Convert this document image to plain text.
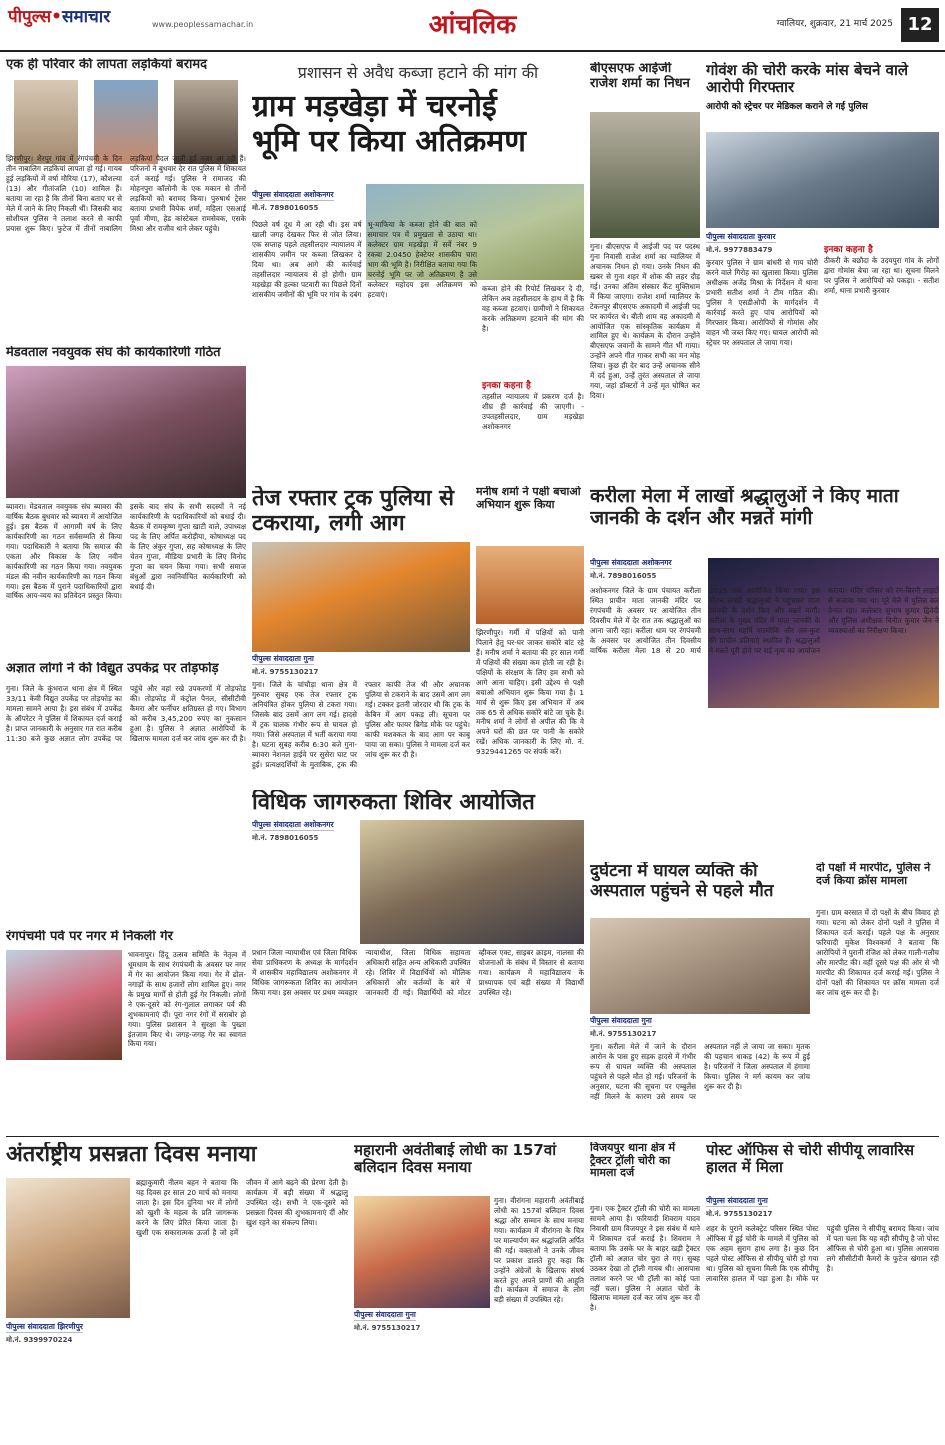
पीपुल्स•समाचार	www.peoplessamachar.in	आंचलिक	ग्वालियर, शुक्रवार, 21 मार्च 2025 12
एक ही परिवार की लापता लड़कियां बरामद
झिरणीपुर। शैरपुर गांव में रंगपंचमी के दिन तीन नाबालिग लड़कियां लापता हो गई। गायब हुई लड़कियों में वर्षा मौरिया (17), कौशल्या (13) और गीतांजलि (10) शामिल हैं। बताया जा रहा है कि तीनों बिना बताए घर से मेले में जाने के लिए निकली थीं। जिसकी बाद सोशीयल पुलिस ने तलाश करने से काफी प्रयास शुरू किए। फुटेज में तीनों नाबालिग लड़कियां पैदल जाती हुई नजर आ रही हैं। परिजनों ने बुधवार देर रात पुलिस में शिकायत दर्ज कराई गई। पुलिस ने रामाजद की मोहनपुरा कॉलोनी के एक मकान से तीनों लड़कियों को बरामद किया। पुरुषार्थ ट्रेसर बताया प्रभारी वियेक शर्मा, महिला एसआई पूर्वा मीणा, हेड कांस्टेबल रामसेवक, एसके मिश्रा और राजीव थाने लेकर पहुंचे।
मेडवताल नवयुवक संघ की कार्यकारिणी गठित
ब्यावरा। मेडवताल नवयुवक संघ ब्यावरा की वार्षिक बैठक बुधवार को ब्यावरा में आयोजित हुई। इस बैठक में आगामी वर्ष के लिए कार्यकारिणी का गठन सर्वसम्मति से किया गया। पदाधिकारी ने बताया कि समाज की एकता और विकास के लिए नवीन कार्यकारिणी का गठन किया गया। नवयुवक मंडल की नवीन कार्यकारिणी का गठन किया गया। इस बैठक में पुराने पदाधिकारियों द्वारा वार्षिक आय-व्यय का प्रतिवेदन प्रस्तुत किया। इसके बाद संघ के सभी सदस्यों ने नई कार्यकारिणी के पदाधिकारियों को बधाई दी। बैठक में रामकृष्ण गुप्ता खाटी वाले, उपाध्यक्ष पद के लिए अर्पित करोड़ीया, कोषाध्यक्ष पद के लिए अंकुर गुप्ता, सह कोषाध्यक्ष के लिए चेतन गुप्ता, मीडिया प्रभारी के लिए विनोद गुप्ता का चयन किया गया। सभी समाज बंधुओं द्वारा नवनिर्वाचित कार्यकारिणी को बधाई दी।
अज्ञात लोगों ने की विद्युत उपकेंद्र पर तोड़फोड़
गुना। जिले के कुंभराज थाना क्षेत्र में स्थित 33/11 केवी विद्युत उपकेंद्र पर तोड़फोड़ का मामला सामने आया है। इस संबंध में उपकेंद्र के ऑपरेटर ने पुलिस में शिकायत दर्ज कराई है। प्राप्त जानकारी के अनुसार गत रात करीब 11:30 बजे कुछ अज्ञात लोग उपकेंद्र पर पहुंचे और वहां रखे उपकरणों में तोड़फोड़ की। तोड़फोड़ में कंट्रोल पैनल, सीसीटीवी कैमरा और फर्नीचर क्षतिग्रस्त हो गए। विभाग को करीब 3,45,200 रुपए का नुकसान हुआ है। पुलिस ने अज्ञात आरोपियों के खिलाफ मामला दर्ज कर जांच शुरू कर दी है।
रंगपंचमी पर्व पर नगर में निकली गेर
भावनापुर। हिंदू उत्सव समिति के नेतृत्व में धूमधाम के साथ रंगपंचमी के अवसर पर नगर में गेर का आयोजन किया गया। गेर में ढोल-नगाड़ों के साथ हजारों लोग शामिल हुए। नगर के प्रमुख मार्गों से होती हुई गेर निकली। लोगों ने एक-दूसरे को रंग-गुलाल लगाकर पर्व की शुभकामनाएं दीं। पूरा नगर रंगों में सराबोर हो गया। पुलिस प्रशासन ने सुरक्षा के पुख्ता इंतजाम किए थे। जगह-जगह गेर का स्वागत किया गया।
प्रशासन से अवैध कब्जा हटाने की मांग की
ग्राम मड़खेड़ा में चरनोई
भूमि पर किया अतिक्रमण
पीपुल्स संवाददाता अशोकनगर
मो.नं. 7898016055
पिछले वर्ष दूध में आ रही थी। इस वर्ष खाली जगह देखकर फिर से जोत लिया। एक सप्ताह पहले तहसीलदार न्यायालय में शासकीय जमीन पर कब्जा लिखकर दे दिया था। अब आगे की कार्रवाई तहसीलदार न्यायालय से हो होगी। ग्राम मड़खेड़ा की हल्का पटवारी का पिछले दिनों शासकीय जमीनों की भूमि पर गांव के दबंग भू-माफिया के कब्जा होने की बात को समाचार पत्र में प्रमुखता से उठाया था। कलेक्टर ग्राम मड़खेड़ा में सर्वे नंबर 9 रकबा 2.0450 हेक्टेयर शासकीय चारा भाग की भूमि है। निरीक्षित बताया गया कि चरनोई भूमि पर जो अतिक्रमण है उसे कलेक्टर महोदय इस अतिक्रमण को हटवाएं।
कब्जा होने की रिपोर्ट लिखकर दे दी, लेकिन अब तहसीलदार के हाथ में है कि वह कब्जा हटवाए। ग्रामीणों ने शिकायत करके अतिक्रमण हटवाने की मांग की है।
इनका कहना है
तहसील न्यायालय में प्रकरण दर्ज है। शीघ्र ही कार्रवाई की जाएगी। - उपतहसीलदार, ग्राम मड़खेड़ा अशोकनगर
बीएसएफ आईजी राजेश शर्मा का निधन
गुना। बीएसएफ में आईजी पद पर पदस्थ गुना निवासी राजेश शर्मा का ग्वालियर में अचानक निधन हो गया। उनके निधन की खबर से गुना शहर में शोक की लहर दौड़ गई। उनका अंतिम संस्कार कैंट मुक्तिधाम में किया जाएगा। राजेश शर्मा ग्वालियर के टेकनपुर बीएसएफ अकादमी में आईजी पद पर कार्यरत थे। बीती शाम वह अकादमी में आयोजित एक सांस्कृतिक कार्यक्रम में शामिल हुए थे। कार्यक्रम के दौरान उन्होंने बीएसएफ जवानों के सामने गीत भी गाया। उन्होंने अपने गीत गाकर सभी का मन मोह लिया। कुछ ही देर बाद उन्हें अचानक सीने में दर्द हुआ, उन्हें तुरंत अस्पताल ले जाया गया, जहां डॉक्टरों ने उन्हें मृत घोषित कर दिया।
गोवंश की चोरी करके मांस बेचने वाले आरोपी गिरफ्तार
आरोपी को स्ट्रेचर पर मेडिकल कराने ले गई पुलिस
पीपुल्स संवाददाता कुरवार
मो.नं. 9977883479
कुरवार पुलिस ने ग्राम बांधरी से गाय चोरी करने वाले गिरोह का खुलासा किया। पुलिस अधीक्षक अजेंद्र मिश्रा के निर्देशन में थाना प्रभारी सतीश शर्मा ने टीम गठित की। पुलिस ने एसडीओपी के मार्गदर्शन में कार्रवाई करते हुए पांच आरोपियों को गिरफ्तार किया। आरोपियों से गोमांस और वाहन भी जब्त किए गए। घायल आरोपी को स्ट्रेचर पर अस्पताल ले जाया गया।
इनका कहना है
ठीकरी के बछौदा के उदयपुरा गांव के लोगों द्वारा गोमांस बेचा जा रहा था। सूचना मिलने पर पुलिस ने आरोपियों को पकड़ा। - सतीश शर्मा, थाना प्रभारी कुरवार
तेज रफ्तार ट्रक पुलिया से टकराया, लगी आग
पीपुल्स संवाददाता गुना
मो.नं. 9755130217
गुना। जिले के चांचौड़ा थाना क्षेत्र में गुरुवार सुबह एक तेज रफ्तार ट्रक अनियंत्रित होकर पुलिया से टकरा गया। जिसके बाद उसमें आग लग गई। हादसे में ट्रक चालक गंभीर रूप से घायल हो गया। जिसे अस्पताल में भर्ती कराया गया है। घटना सुबह करीब 6:30 बजे गुना-ब्यावरा नेशनल हाईवे पर सुसेरा घाट पर हुई। प्रत्यक्षदर्शियों के मुताबिक, ट्रक की रफ्तार काफी तेज थी और अचानक पुलिया से टकराने के बाद उसमें आग लग गई। टक्कर इतनी जोरदार थी कि ट्रक के केबिन में आग पकड़ ली। सूचना पर पुलिस और फायर ब्रिगेड मौके पर पहुंचे। काफी मशक्कत के बाद आग पर काबू पाया जा सका। पुलिस ने मामला दर्ज कर जांच शुरू कर दी है।
मनीष शर्मा ने पक्षी बचाओ अभियान शुरू किया
झिरणीपुर। गर्मी में पक्षियों को पानी पिलाने हेतु घर-घर जाकर सकोरे बांट रहे हैं। मनीष शर्मा ने बताया की हर साल गर्मी में पक्षियों की संख्या कम होती जा रही है। पक्षियों के संरक्षण के लिए हम सभी को आगे आना चाहिए। इसी उद्देश्य से पक्षी बचाओ अभियान शुरू किया गया है। 1 मार्च से शुरू किए इस अभियान में अब तक 65 से अधिक सकोरे बांटे जा चुके हैं। मनीष शर्मा ने लोगों से अपील की कि वे अपने घरों की छत पर पानी के सकोरे रखें। अधिक जानकारी के लिए मो. नं. 9329441265 पर संपर्क करें।
करीला मेला में लाखों श्रद्धालुओं ने किए माता जानकी के दर्शन और मन्नतें मांगी
पीपुल्स संवाददाता अशोकनगर
मो.नं. 7898016055
अशोकनगर जिले के ग्राम पंचायत करीला स्थित प्राचीन माता जानकी मंदिर पर रंगपंचमी के अवसर पर आयोजित तीन दिवसीय मेले में देर रात तक श्रद्धालुओं का आना जारी रहा। करीला धाम पर रंगपंचमी के अवसर पर आयोजित तीन दिवसीय वार्षिक करीला मेला 18 से 20 मार्च 2025 तक आयोजित किया गया। इस दौरान लाखों श्रद्धालुओं ने पहुंचकर माता जानकी के दर्शन किए और मन्नतें मांगीं। करीला के मुख्य मंदिर में माता जानकी के साथ-साथ महर्षि वाल्मीकि और लव-कुश की प्राचीन प्रतिमाएं स्थापित हैं। श्रद्धालुओं ने मन्नतें पूरी होने पर राई नृत्य का आयोजन कराया। मंदिर परिसर को रंग-बिरंगी लाइटों से सजाया गया था। पूरे मेले में पुलिस बल तैनात रहा। कलेक्टर सुभाष कुमार द्विवेदी और पुलिस अधीक्षक विनीत कुमार जैन ने व्यवस्थाओं का निरीक्षण किया।
विधिक जागरुकता शिविर आयोजित
पीपुल्स संवाददाता अशोकनगर
मो.नं. 7898016055
प्रधान जिला न्यायाधीश एवं जिला विधिक सेवा प्राधिकरण के अध्यक्ष के मार्गदर्शन में शासकीय महाविद्यालय अशोकनगर में विधिक जागरूकता शिविर का आयोजन किया गया। इस अवसर पर प्रथम व्यवहार न्यायाधीश, जिला विधिक सहायता अधिकारी सहित अन्य अधिकारी उपस्थित रहे। शिविर में विद्यार्थियों को मौलिक अधिकारों और कर्तव्यों के बारे में जानकारी दी गई। विद्यार्थियों को मोटर व्हीकल एक्ट, साइबर क्राइम, नालसा की योजनाओं के संबंध में विस्तार से बताया गया। कार्यक्रम में महाविद्यालय के प्राध्यापक एवं बड़ी संख्या में विद्यार्थी उपस्थित रहे।
दुर्घटना में घायल व्यक्ति की अस्पताल पहुंचने से पहले मौत
पीपुल्स संवाददाता गुना
मो.नं. 9755130217
गुना। करीला मेले में जाने के दौरान आरोन के पास हुए सड़क हादसे में गंभीर रूप से घायल व्यक्ति की अस्पताल पहुंचने से पहले मौत हो गई। परिजनों के अनुसार, घटना की सूचना पर एम्बुलेंस नहीं मिलने के कारण उसे समय पर अस्पताल नहीं ले जाया जा सका। मृतक की पहचान धाकड़ (42) के रूप में हुई है। परिजनों ने जिला अस्पताल में हंगामा किया। पुलिस ने मर्ग कायम कर जांच शुरू कर दी है।
दो पक्षों में मारपीट, पुलिस ने दर्ज किया क्रॉस मामला
गुना। ग्राम बरसात में दो पक्षों के बीच विवाद हो गया। घटना को लेकर दोनों पक्षों ने पुलिस में शिकायत दर्ज कराई। पहले पक्ष के अनुसार फरियादी मुकेश विश्वकर्मा ने बताया कि आरोपियों ने पुरानी रंजिश को लेकर गाली-गलौच और मारपीट की। वहीं दूसरे पक्ष की ओर से भी मारपीट की शिकायत दर्ज कराई गई। पुलिस ने दोनों पक्षों की शिकायत पर क्रॉस मामला दर्ज कर जांच शुरू कर दी है।
अंतर्राष्ट्रीय प्रसन्नता दिवस मनाया
पीपुल्स संवाददाता झिरणीपुर
मो.नं. 9399970224
ब्रह्माकुमारी नीलम बहन ने बताया कि यह दिवस हर साल 20 मार्च को मनाया जाता है। इस दिन दुनिया भर में लोगों को खुशी के महत्व के प्रति जागरूक करने के लिए प्रेरित किया जाता है। खुशी एक सकारात्मक ऊर्जा है जो हमें जीवन में आगे बढ़ने की प्रेरणा देती है। कार्यक्रम में बड़ी संख्या में श्रद्धालु उपस्थित रहे। सभी ने एक-दूसरे को प्रसन्नता दिवस की शुभकामनाएं दीं और खुश रहने का संकल्प लिया।
महारानी अवंतीबाई लोधी का 157वां बलिदान दिवस मनाया
पीपुल्स संवाददाता गुना
मो.नं. 9755130217
गुना। वीरांगना महारानी अवंतीबाई लोधी का 157वां बलिदान दिवस श्रद्धा और सम्मान के साथ मनाया गया। कार्यक्रम में वीरांगना के चित्र पर माल्यार्पण कर श्रद्धांजलि अर्पित की गई। वक्ताओं ने उनके जीवन पर प्रकाश डालते हुए कहा कि उन्होंने अंग्रेजों के खिलाफ संघर्ष करते हुए अपने प्राणों की आहुति दी। कार्यक्रम में समाज के लोग बड़ी संख्या में उपस्थित रहे।
विजयपुर थाना क्षेत्र में ट्रैक्टर ट्रॉली चोरी का मामला दर्ज
गुना। एक ट्रैक्टर ट्रॉली की चोरी का मामला सामने आया है। फरियादी शिवराम यादव निवासी ग्राम विजयपुर ने इस संबंध में थाने में शिकायत दर्ज कराई है। शिवराम ने बताया कि उसके घर के बाहर खड़ी ट्रैक्टर ट्रॉली को अज्ञात चोर चुरा ले गए। सुबह उठकर देखा तो ट्रॉली गायब थी। आसपास तलाश करने पर भी ट्रॉली का कोई पता नहीं चला। पुलिस ने अज्ञात चोरों के खिलाफ मामला दर्ज कर जांच शुरू कर दी है।
पोस्ट ऑफिस से चोरी सीपीयू लावारिस हालत में मिला
पीपुल्स संवाददाता गुना
मो.नं. 9755130217
शहर के पुराने कलेक्ट्रेट परिसर स्थित पोस्ट ऑफिस में हुई चोरी के मामले में पुलिस को एक अहम सुराग हाथ लगा है। कुछ दिन पहले पोस्ट ऑफिस से सीपीयू चोरी हो गया था। पुलिस को सूचना मिली कि एक सीपीयू लावारिस हालत में पड़ा हुआ है। मौके पर पहुंची पुलिस ने सीपीयू बरामद किया। जांच में पता चला कि यह वही सीपीयू है जो पोस्ट ऑफिस से चोरी हुआ था। पुलिस आसपास लगे सीसीटीवी कैमरों के फुटेज खंगाल रही है।
